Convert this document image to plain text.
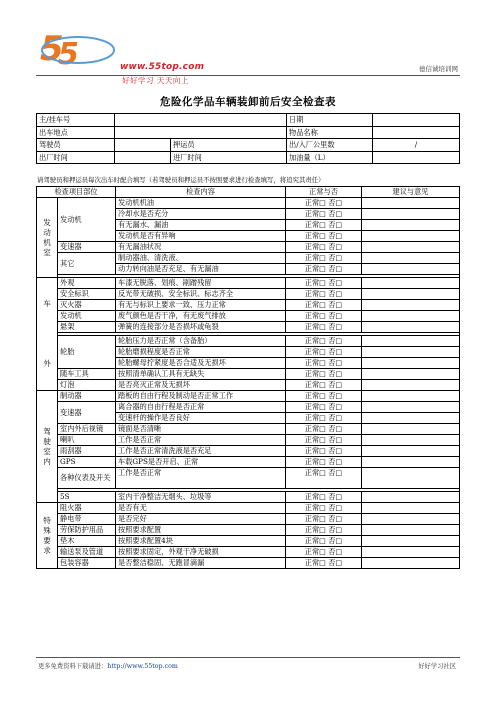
5
5	www.55top.com
好好学习 天天向上
德信诚培训网
危险化学品车辆装卸前后安全检查表
主/挂车号			日期	
出车地点			物品名称	
驾驶员		押运员	出/入厂公里数	/
出厂时间		进厂时间	加油量（L）	
请驾驶员和押运员每次出车时配合填写（若驾驶员和押运员不按照要求进行检查填写，将追究其责任）
检查项目部位		检查内容	正常与否	建议与意见

发
动
机
室	发动机	发动机机油	正常□ 否□	
		冷却水是否充分	正常□ 否□	
		有无漏水、漏油	正常□ 否□	
		发动机是否有异响	正常□ 否□	
	变速器	有无漏油状况	正常□ 否□	
	其它	制动器油、清洗液、	正常□ 否□	
		动力转向油是否充足、有无漏油	正常□ 否□	

车
外	外观	车漆无脱落、划痕、剐蹭残留	正常□ 否□	
	安全标识	反光带无破损、安全标识、标志齐全	正常□ 否□	
	灭火器	有无与标识上要求一致、压力正常	正常□ 否□	
	发动机	废气颜色是否干净，有无废气排放	正常□ 否□	
	悬架	弹簧的连接部分是否损坏或龟裂	正常□ 否□	

	轮胎	轮胎压力是否正常（含备胎）	正常□ 否□	
		轮胎磨损程度是否正常	正常□ 否□	
		轮胎螺母拧紧度是否合适及无损坏	正常□ 否□	
	随车工具	按照清单确认工具有无缺失	正常□ 否□	
	灯泡	是否亮灭正常及无损坏	正常□ 否□	

驾
驶
室
内	制动器	踏板的自由行程及制动是否正常工作	正常□ 否□	
	变速器	离合器的自由行程是否正常	正常□ 否□	
		变速杆的操作是否良好	正常□ 否□	
	室内外后视镜	镜面是否清晰	正常□ 否□	
	喇叭	工作是否正常	正常□ 否□	
	雨刮器	工作是否正常清洗液是否充足	正常□ 否□	
	GPS	车载GPS是否开启、正常	正常□ 否□	
	各种仪表及开关	工作是否正常	正常□ 否□	

	5S	室内干净整洁无烟头、垃圾等	正常□ 否□	

特
殊
要
求	阻火器	是否有无	正常□ 否□	
	静电带	是否完好	正常□ 否□	
	劳保防护用品	按照要求配置	正常□ 否□	
	垫木	按照要求配置4块	正常□ 否□	
	输送泵及管道	按照要求固定，外观干净无破损	正常□ 否□	
	包装容器	是否整洁稳固、无跑冒滴漏	正常□ 否□	
更多免费资料下载请进：http://www.55top.com	好好学习社区
